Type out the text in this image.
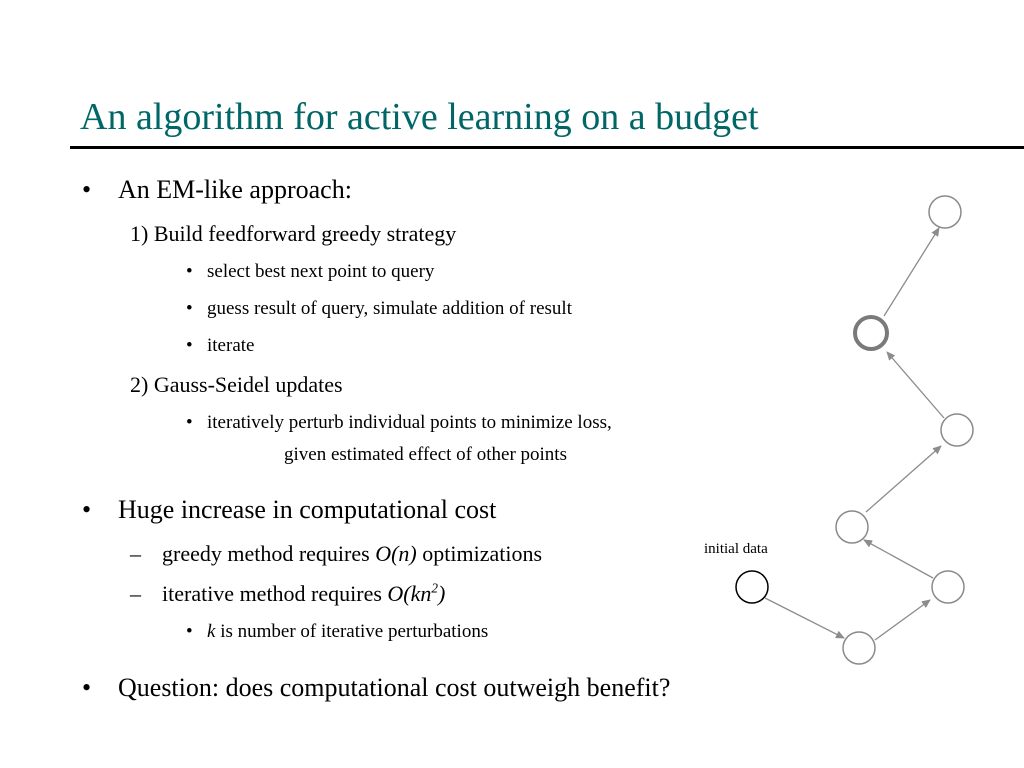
An algorithm for active learning on a budget
• An EM-like approach:
1) Build feedforward greedy strategy
• select best next point to query
• guess result of query, simulate addition of result
• iterate
2) Gauss-Seidel updates
• iteratively perturb individual points to minimize loss,
given estimated effect of other points
• Huge increase in computational cost
– greedy method requires O(n) optimizations
– iterative method requires $O(kn^2)$
• k is number of iterative perturbations
• Question: does computational cost outweigh benefit?
initial data
